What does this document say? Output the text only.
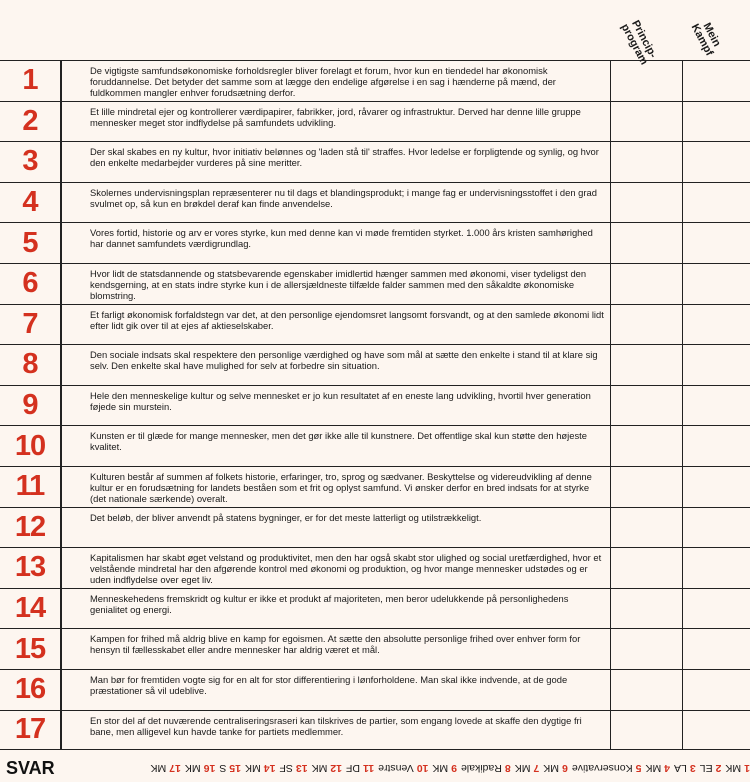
Princip-
program	Mein
Kampf
1	De vigtigste samfundsøkonomiske forholdsregler bliver forelagt et forum, hvor kun en tiendedel har økonomisk foruddannelse. Det betyder det samme som at lægge den endelige afgørelse i en sag i hænderne på mænd, der fuldkommen mangler enhver forudsætning derfor.
2	Et lille mindretal ejer og kontrollerer værdipapirer, fabrikker, jord, råvarer og infrastruktur. Derved har denne lille gruppe mennesker meget stor indflydelse på samfundets udvikling.
3	Der skal skabes en ny kultur, hvor initiativ belønnes og 'laden stå til' straffes. Hvor ledelse er forpligtende og synlig, og hvor den enkelte medarbejder vurderes på sine meritter.
4	Skolernes undervisningsplan repræsenterer nu til dags et blandingsprodukt; i mange fag er undervisningsstoffet i den grad svulmet op, så kun en brøkdel deraf kan finde anvendelse.
5	Vores fortid, historie og arv er vores styrke, kun med denne kan vi møde fremtiden styrket. 1.000 års kristen samhørighed har dannet samfundets værdigrundlag.
6	Hvor lidt de statsdannende og statsbevarende egenskaber imidlertid hænger sammen med økonomi, viser tydeligst den kendsgerning, at en stats indre styrke kun i de allersjældneste tilfælde falder sammen med den såkaldte økonomiske blomstring.
7	Et farligt økonomisk forfaldstegn var det, at den personlige ejendomsret langsomt forsvandt, og at den samlede økonomi lidt efter lidt gik over til at ejes af aktieselskaber.
8	Den sociale indsats skal respektere den personlige værdighed og have som mål at sætte den enkelte i stand til at klare sig selv. Den enkelte skal have mulighed for selv at forbedre sin situation.
9	Hele den menneskelige kultur og selve mennesket er jo kun resultatet af en eneste lang udvikling, hvortil hver generation føjede sin murstein.
10	Kunsten er til glæde for mange mennesker, men det gør ikke alle til kunstnere. Det offentlige skal kun støtte den højeste kvalitet.
11	Kulturen består af summen af folkets historie, erfaringer, tro, sprog og sædvaner. Beskyttelse og videreudvikling af denne kultur er en forudsætning for landets beståen som et frit og oplyst samfund. Vi ønsker derfor en bred indsats for at styrke (det nationale særkende) overalt.
12	Det beløb, der bliver anvendt på statens bygninger, er for det meste latterligt og utilstrækkeligt.
13	Kapitalismen har skabt øget velstand og produktivitet, men den har også skabt stor ulighed og social uretfærdighed, hvor et velstående mindretal har den afgørende kontrol med økonomi og produktion, og hvor mange mennesker udstødes og er uden indflydelse over eget liv.
14	Menneskehedens fremskridt og kultur er ikke et produkt af majoriteten, men beror udelukkende på personlighedens genialitet og energi.
15	Kampen for frihed må aldrig blive en kamp for egoismen. At sætte den absolutte personlige frihed over enhver form for hensyn til fællesskabet eller andre mennesker har aldrig været et mål.
16	Man bør for fremtiden vogte sig for en alt for stor differentiering i lønforholdene. Man skal ikke indvende, at de gode præstationer så vil udeblive.
17	En stor del af det nuværende centraliseringsraseri kan tilskrives de partier, som engang lovede at skaffe den dygtige fri bane, men alligevel kun havde tanke for partiets medlemmer.
SVAR	1MK
2EL
3LA
4MK
5Konservative
6MK
7MK
8Radikale
9MK
10Venstre
11DF
12MK
13SF
14MK
15S
16MK
17MK
